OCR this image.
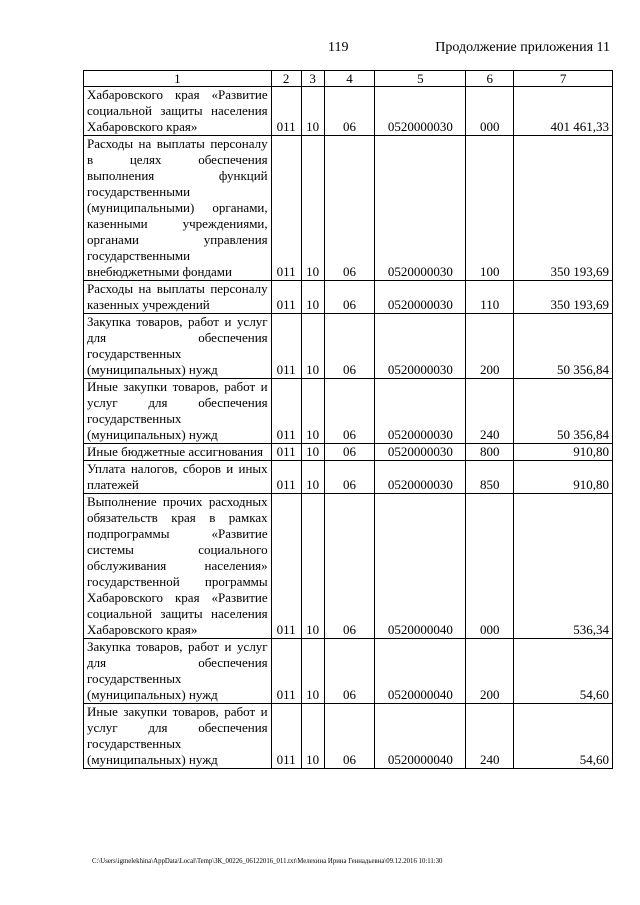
119	Продолжение приложения 11
1	2	3	4	5	6	7
Хабаровского края «Развитие социальной защиты населения Хабаровского края»	011	10	06	0520000030	000	401 461,33
Расходы на выплаты персоналу в целях обеспечения выполнения функций государственными (муниципальными) органами, казенными учреждениями, органами управления государственными внебюджетными фондами	011	10	06	0520000030	100	350 193,69
Расходы на выплаты персоналу казенных учреждений	011	10	06	0520000030	110	350 193,69
Закупка товаров, работ и услуг для обеспечения государственных (муниципальных) нужд	011	10	06	0520000030	200	50 356,84
Иные закупки товаров, работ и услуг для обеспечения государственных (муниципальных) нужд	011	10	06	0520000030	240	50 356,84
Иные бюджетные ассигнования	011	10	06	0520000030	800	910,80
Уплата налогов, сборов и иных платежей	011	10	06	0520000030	850	910,80
Выполнение прочих расходных обязательств края в рамках подпрограммы «Развитие системы социального обслуживания населения» государственной программы Хабаровского края «Развитие социальной защиты населения Хабаровского края»	011	10	06	0520000040	000	536,34
Закупка товаров, работ и услуг для обеспечения государственных (муниципальных) нужд	011	10	06	0520000040	200	54,60
Иные закупки товаров, работ и услуг для обеспечения государственных (муниципальных) нужд	011	10	06	0520000040	240	54,60
C:\Users\igmelekhina\AppData\Local\Temp\ЗК_00226_06122016_011.txt\Мелехина Ирина Геннадьевна\09.12.2016 10:11:30
